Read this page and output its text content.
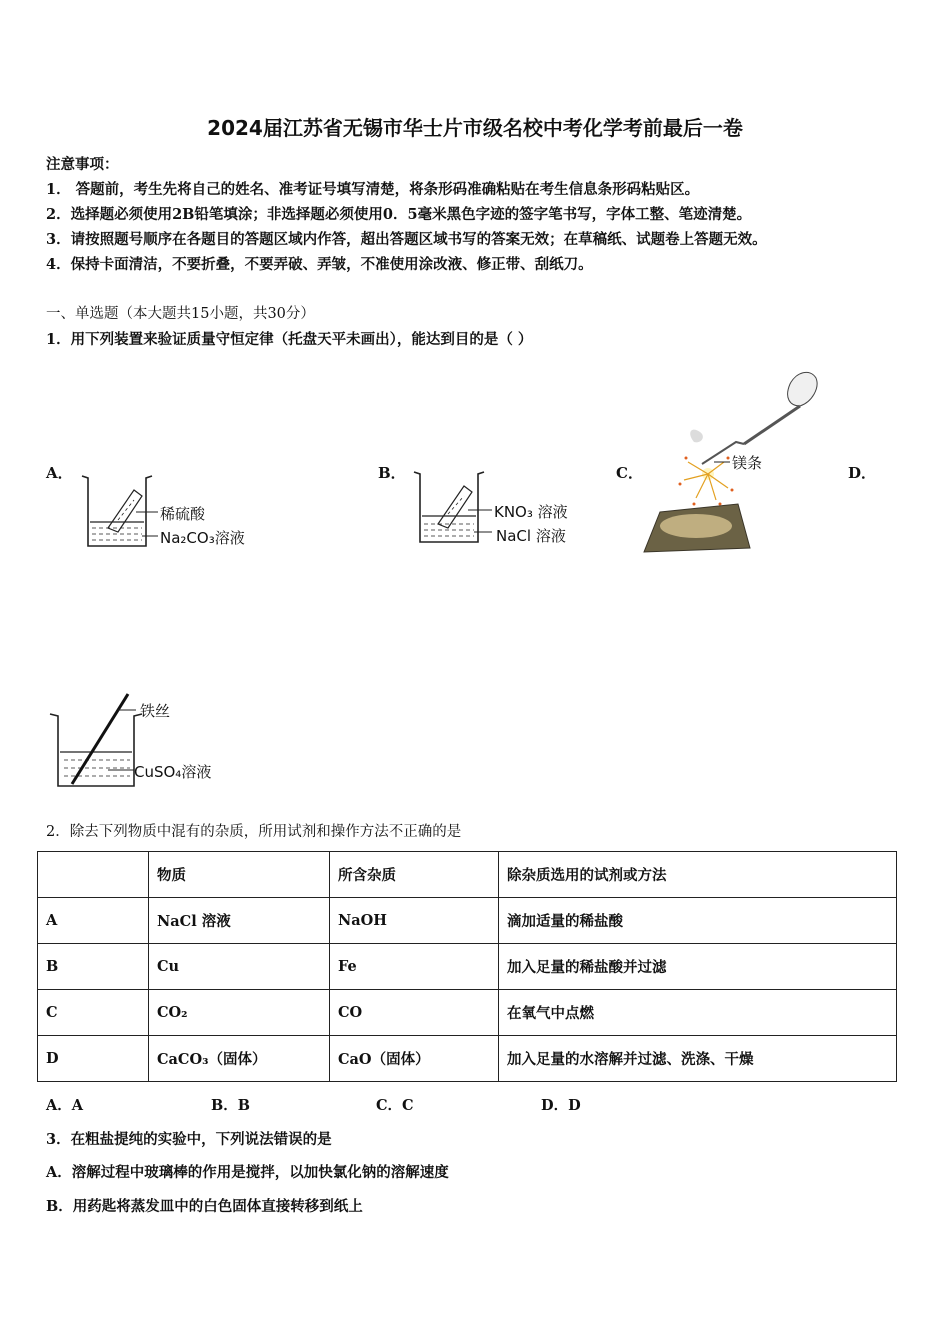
2024届江苏省无锡市华士片市级名校中考化学考前最后一卷
注意事项：
1． 答题前，考生先将自己的姓名、准考证号填写清楚，将条形码准确粘贴在考生信息条形码粘贴区。
2．选择题必须使用2B铅笔填涂；非选择题必须使用0．5毫米黑色字迹的签字笔书写，字体工整、笔迹清楚。
3．请按照题号顺序在各题目的答题区域内作答，超出答题区域书写的答案无效；在草稿纸、试题卷上答题无效。
4．保持卡面清洁，不要折叠，不要弄破、弄皱，不准使用涂改液、修正带、刮纸刀。
一、单选题（本大题共15小题，共30分）
1．用下列装置来验证质量守恒定律（托盘天平未画出），能达到目的是（ ）
A．
稀硫酸
Na₂CO₃溶液
B．
KNO₃ 溶液
NaCl 溶液
C．
镁条
D．
铁丝
CuSO₄溶液
2．除去下列物质中混有的杂质，所用试剂和操作方法不正确的是
	物质	所含杂质	除杂质选用的试剂或方法
A	NaCl 溶液	NaOH	滴加适量的稀盐酸
B	Cu	Fe	加入足量的稀盐酸并过滤
C	CO₂	CO	在氧气中点燃
D	CaCO₃（固体）	CaO（固体）	加入足量的水溶解并过滤、洗涤、干燥
A．A	B．B	C．C	D．D
3．在粗盐提纯的实验中，下列说法错误的是
A．溶解过程中玻璃棒的作用是搅拌，以加快氯化钠的溶解速度
B．用药匙将蒸发皿中的白色固体直接转移到纸上
